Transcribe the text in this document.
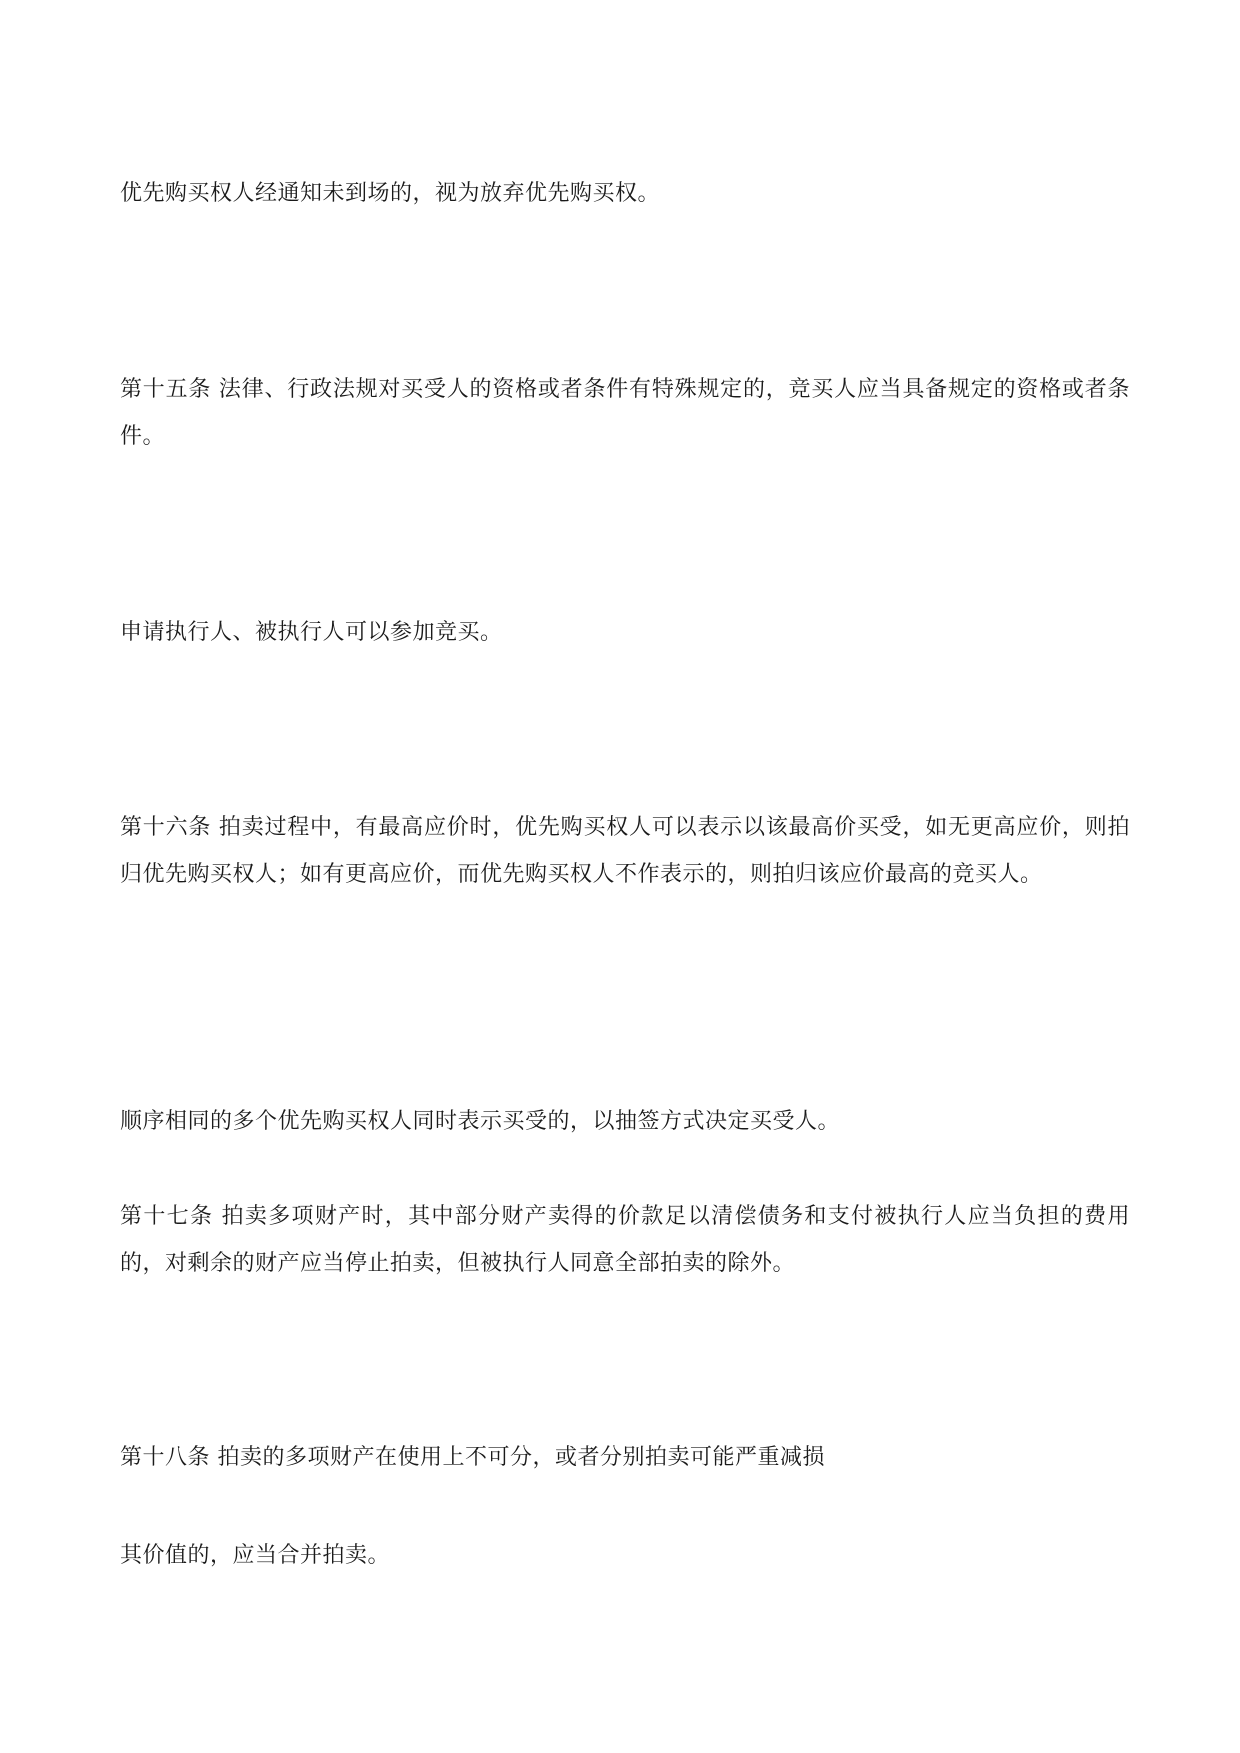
优先购买权人经通知未到场的，视为放弃优先购买权。

第十五条 法律、行政法规对买受人的资格或者条件有特殊规定的，竞买人应当具备规定的资格或者条件。

申请执行人、被执行人可以参加竞买。

第十六条 拍卖过程中，有最高应价时，优先购买权人可以表示以该最高价买受，如无更高应价，则拍归优先购买权人；如有更高应价，而优先购买权人不作表示的，则拍归该应价最高的竞买人。

顺序相同的多个优先购买权人同时表示买受的，以抽签方式决定买受人。

第十七条 拍卖多项财产时，其中部分财产卖得的价款足以清偿债务和支付被执行人应当负担的费用的，对剩余的财产应当停止拍卖，但被执行人同意全部拍卖的除外。

第十八条 拍卖的多项财产在使用上不可分，或者分别拍卖可能严重减损

其价值的，应当合并拍卖。
